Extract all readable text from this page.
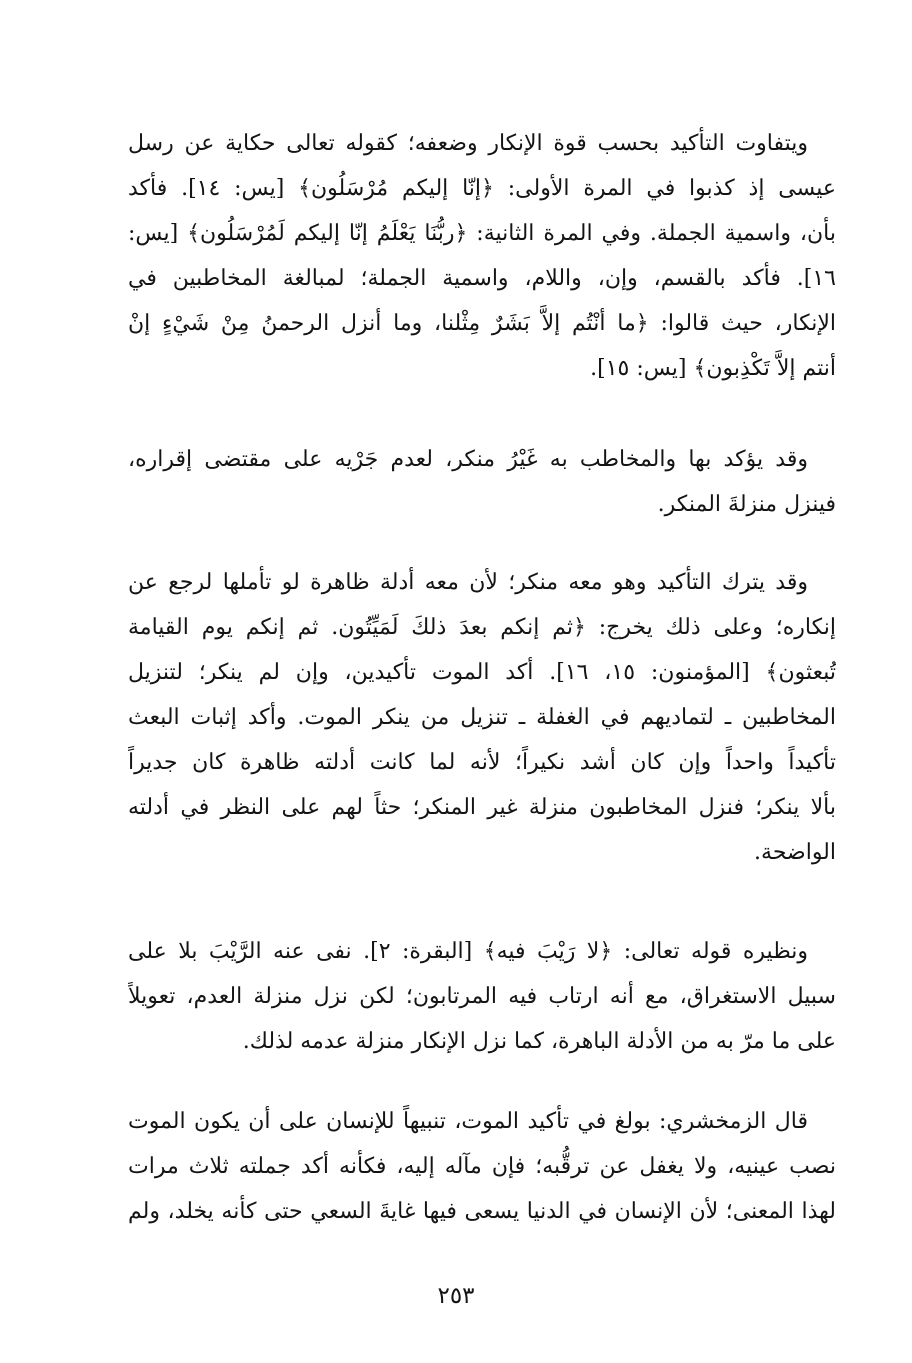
ويتفاوت التأكيد بحسب قوة الإنكار وضعفه؛ كقوله تعالى حكاية عن رسل
عيسى إذ كذبوا في المرة الأولى: ﴿إنّا إليكم مُرْسَلُون﴾ [يس: ١٤]. فأكد
بأن، واسمية الجملة. وفي المرة الثانية: ﴿ربُّنَا يَعْلَمُ إنّا إليكم لَمُرْسَلُون﴾ [يس:
١٦]. فأكد بالقسم، وإن، واللام، واسمية الجملة؛ لمبالغة المخاطبين في
الإنكار، حيث قالوا: ﴿ما أنْتُم إلاَّ بَشَرٌ مِثْلنا، وما أنزل الرحمنُ مِنْ شَيْءٍ إنْ
أنتم إلاَّ تَكْذِبون﴾ [يس: ١٥].
وقد يؤكد بها والمخاطب به غَيْرُ منكر، لعدم جَرْيه على مقتضى إقراره،
فينزل منزلةَ المنكر.
وقد يترك التأكيد وهو معه منكر؛ لأن معه أدلة ظاهرة لو تأملها لرجع عن
إنكاره؛ وعلى ذلك يخرج: ﴿ثم إنكم بعدَ ذلكَ لَمَيِّتُون. ثم إنكم يوم القيامة
تُبعثون﴾ [المؤمنون: ١٥، ١٦]. أكد الموت تأكيدين، وإن لم ينكر؛ لتنزيل
المخاطبين ـ لتماديهم في الغفلة ـ تنزيل من ينكر الموت. وأكد إثبات البعث
تأكيداً واحداً وإن كان أشد نكيراً؛ لأنه لما كانت أدلته ظاهرة كان جديراً
بألا ينكر؛ فنزل المخاطبون منزلة غير المنكر؛ حثاً لهم على النظر في أدلته
الواضحة.
ونظيره قوله تعالى: ﴿لا رَيْبَ فيه﴾ [البقرة: ٢]. نفى عنه الرَّيْبَ بلا على
سبيل الاستغراق، مع أنه ارتاب فيه المرتابون؛ لكن نزل منزلة العدم، تعويلاً
على ما مرّ به من الأدلة الباهرة، كما نزل الإنكار منزلة عدمه لذلك.
قال الزمخشري: بولغ في تأكيد الموت، تنبيهاً للإنسان على أن يكون الموت
نصب عينيه، ولا يغفل عن ترقُّبه؛ فإن مآله إليه، فكأنه أكد جملته ثلاث مرات
لهذا المعنى؛ لأن الإنسان في الدنيا يسعى فيها غايةَ السعي حتى كأنه يخلد، ولم
٢٥٣
